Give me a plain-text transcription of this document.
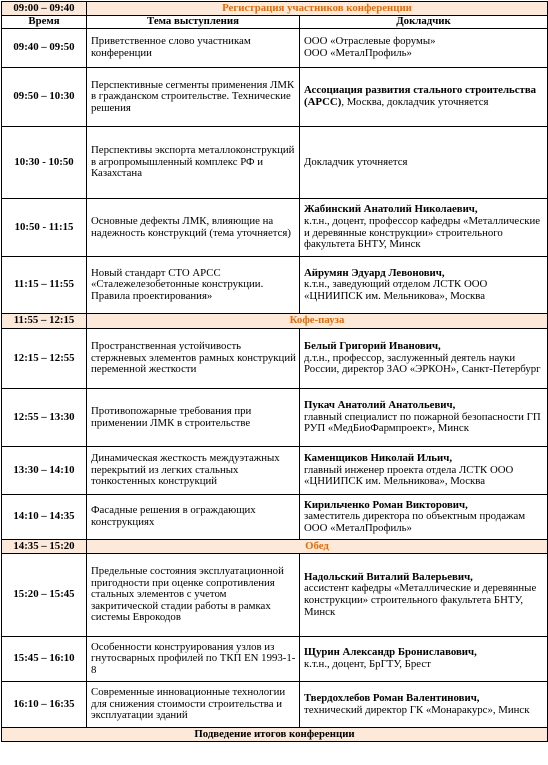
09:00 – 09:40	Регистрация участников конференции	
Время	Тема выступления	Докладчик
09:40 – 09:50	Приветственное слово участникам конференции	ООО «Отраслевые форумы»
ООО «МеталПрофиль»
09:50 – 10:30	Перспективные сегменты применения ЛМК в гражданском строительстве. Технические решения	Ассоциация развития стального строительства (АРСС), Москва, докладчик уточняется
10:30 - 10:50	Перспективы экспорта металлоконструкций в агропромышленный комплекс РФ и Казахстана	Докладчик уточняется
10:50 - 11:15	Основные дефекты ЛМК, влияющие на надежность конструкций (тема уточняется)	Жабинский Анатолий Николаевич,
к.т.н., доцент, профессор кафедры «Металлические и деревянные конструкции» строительного факультета БНТУ, Минск

11:15 – 11:55	Новый стандарт СТО АРСС «Сталежелезобетонные конструкции. Правила проектирования»	Айрумян Эдуард Левонович,
к.т.н., заведующий отделом ЛСТК ООО «ЦНИИПСК им. Мельникова», Москва

11:55 – 12:15	Кофе-пауза	
12:15 – 12:55	Пространственная устойчивость стержневых элементов рамных конструкций переменной жесткости	Белый Григорий Иванович,
д.т.н., профессор, заслуженный деятель науки России, директор ЗАО «ЭРКОН», Санкт-Петербург

12:55 – 13:30	Противопожарные требования при применении ЛМК в строительстве	Пукач Анатолий Анатольевич,
главный специалист по пожарной безопасности ГП РУП «МедБиоФармпроект», Минск

13:30 – 14:10	Динамическая жесткость междуэтажных перекрытий из легких стальных тонкостенных конструкций	Каменщиков Николай Ильич,
главный инженер проекта отдела ЛСТК ООО «ЦНИИПСК им. Мельникова», Москва

14:10 – 14:35	Фасадные решения в ограждающих конструкциях	Кирильченко Роман Викторович,
заместитель директора по объектным продажам ООО «МеталПрофиль»

14:35 – 15:20	Обед	
15:20 – 15:45	Предельные состояния эксплуатационной пригодности при оценке сопротивления стальных элементов с учетом закритической стадии работы в рамках системы Еврокодов	Надольский Виталий Валерьевич,
ассистент кафедры «Металлические и деревянные конструкции» строительного факультета БНТУ, Минск

15:45 – 16:10	Особенности конструирования узлов из гнутосварных профилей по ТКП EN 1993-1-8	Щурин Александр Брониславович,
к.т.н., доцент, БрГТУ, Брест

16:10 – 16:35	Современные инновационные технологии для снижения стоимости строительства и эксплуатации зданий	Твердохлебов Роман Валентинович,
технический директор ГК «Монаракурс», Минск

Подведение итогов конференции		
